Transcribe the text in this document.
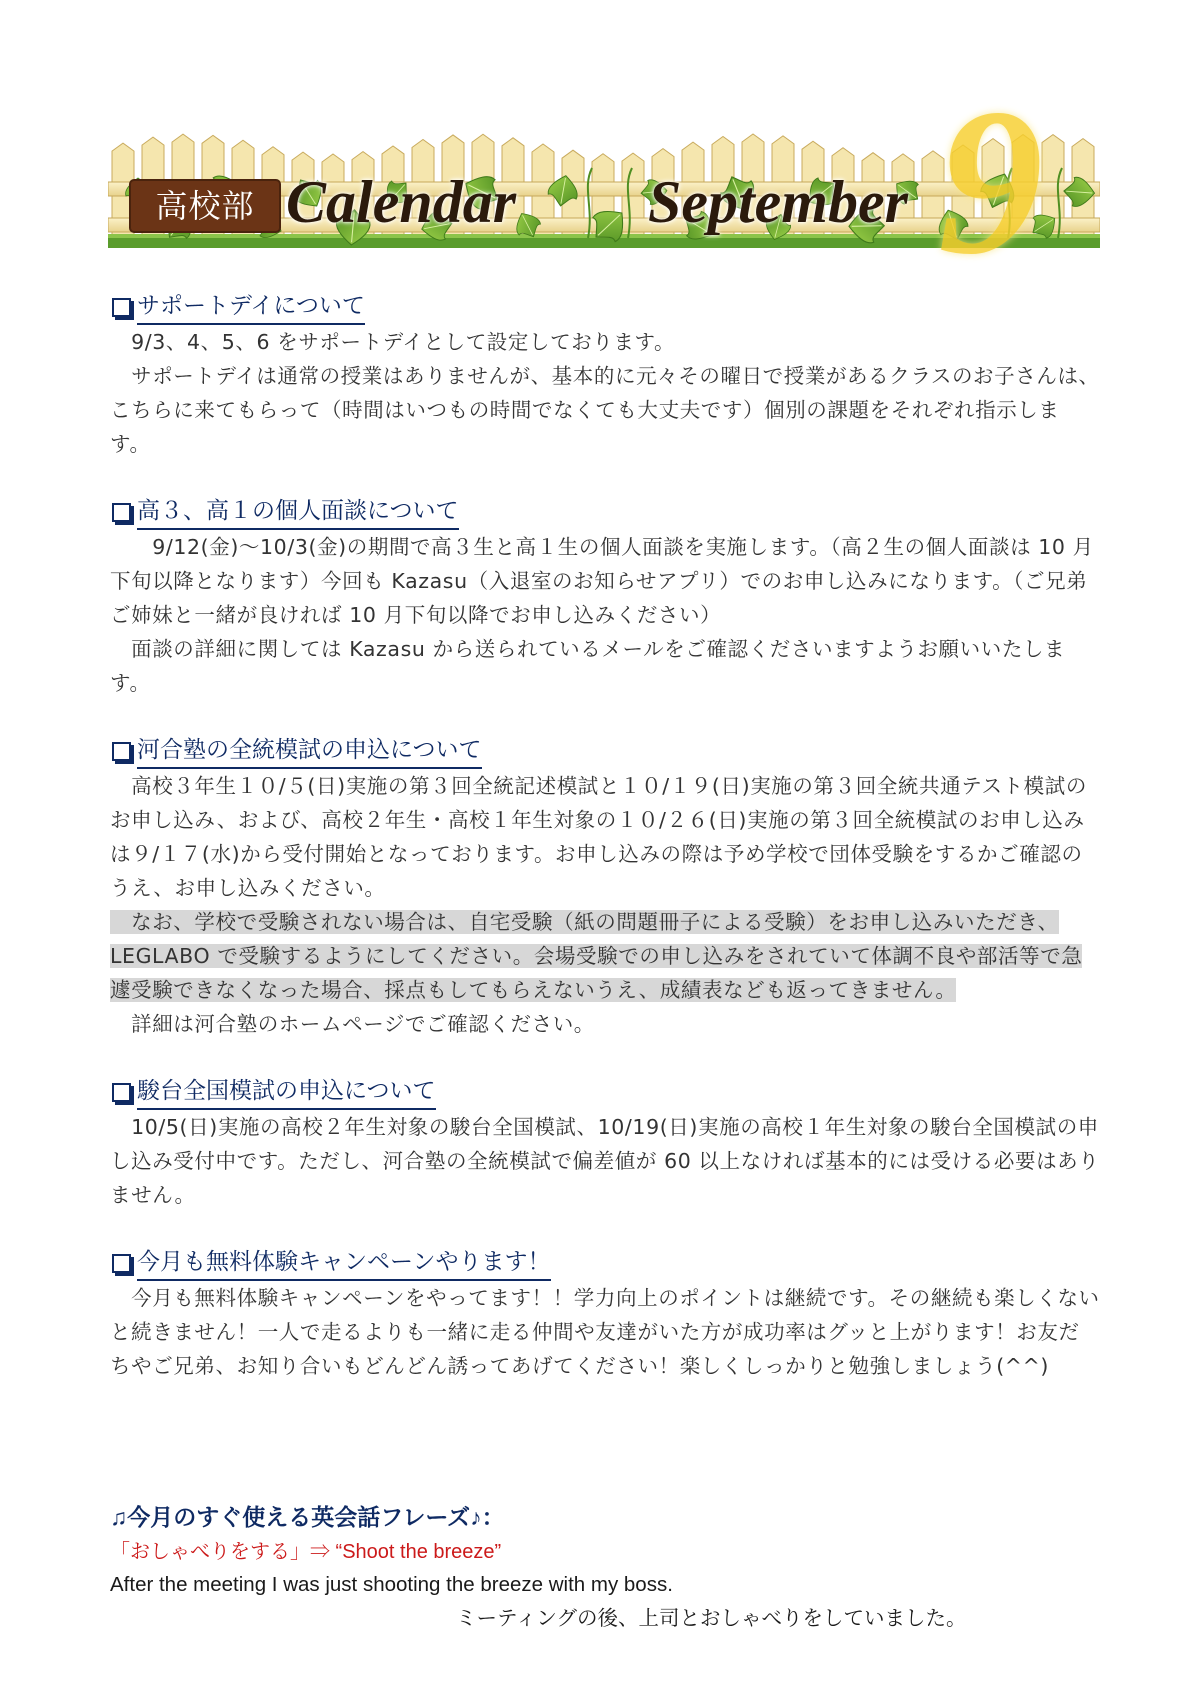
9
高校部 Calendar September
サポートデイについて

　9/3、4、5、6 をサポートデイとして設定しております。

　サポートデイは通常の授業はありませんが、基本的に元々その曜日で授業があるクラスのお子さんは、こちらに来てもらって（時間はいつもの時間でなくても大丈夫です）個別の課題をそれぞれ指示します。

高３、高１の個人面談について

　　9/12(金)〜10/3(金)の期間で高３生と高１生の個人面談を実施します。（高２生の個人面談は 10 月下旬以降となります）今回も Kazasu（入退室のお知らせアプリ）でのお申し込みになります。（ご兄弟ご姉妹と一緒が良ければ 10 月下旬以降でお申し込みください）

　面談の詳細に関しては Kazasu から送られているメールをご確認くださいますようお願いいたします。

河合塾の全統模試の申込について

　高校３年生１０/５(日)実施の第３回全統記述模試と１０/１９(日)実施の第３回全統共通テスト模試のお申し込み、および、高校２年生・高校１年生対象の１０/２６(日)実施の第３回全統模試のお申し込みは９/１７(水)から受付開始となっております。お申し込みの際は予め学校で団体受験をするかご確認のうえ、お申し込みください。

　なお、学校で受験されない場合は、自宅受験（紙の問題冊子による受験）をお申し込みいただき、LEGLABO で受験するようにしてください。会場受験での申し込みをされていて体調不良や部活等で急遽受験できなくなった場合、採点もしてもらえないうえ、成績表なども返ってきません。

　詳細は河合塾のホームページでご確認ください。

駿台全国模試の申込について

　10/5(日)実施の高校２年生対象の駿台全国模試、10/19(日)実施の高校１年生対象の駿台全国模試の申し込み受付中です。ただし、河合塾の全統模試で偏差値が 60 以上なければ基本的には受ける必要はありません。

今月も無料体験キャンペーンやります！

　今月も無料体験キャンペーンをやってます！！学力向上のポイントは継続です。その継続も楽しくないと続きません！一人で走るよりも一緒に走る仲間や友達がいた方が成功率はグッと上がります！お友だちやご兄弟、お知り合いもどんどん誘ってあげてください！楽しくしっかりと勉強しましょう(^^)

♫今月のすぐ使える英会話フレーズ♪：
「おしゃべりをする」⇒ “Shoot the breeze”
After the meeting I was just shooting the breeze with my boss.
ミーティングの後、上司とおしゃべりをしていました。
